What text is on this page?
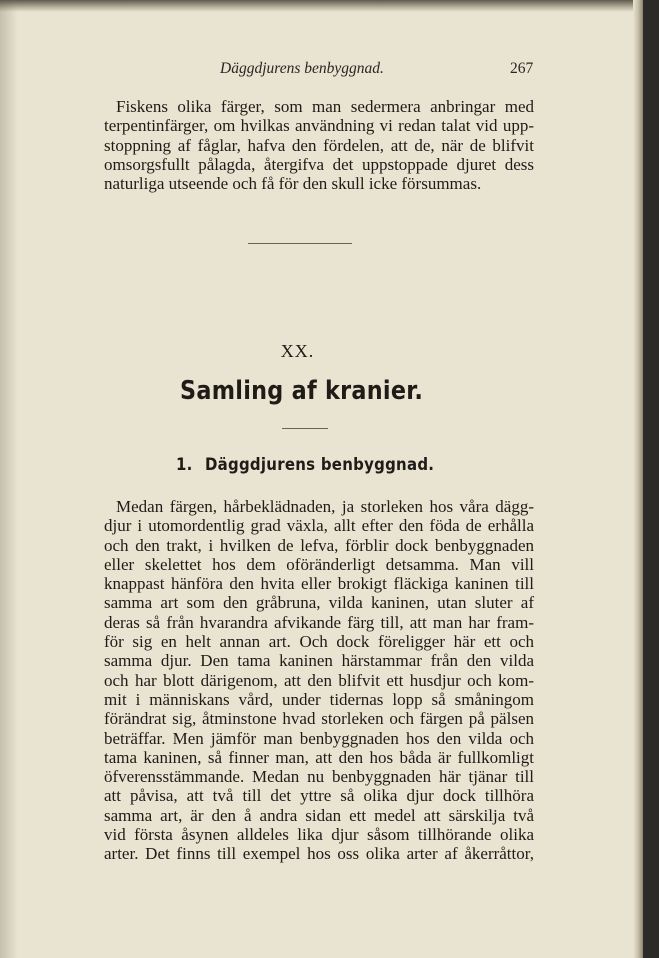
Däggdjurens benbyggnad.	267

Fiskens olika färger, som man sedermera anbringar med
terpentinfärger, om hvilkas användning vi redan talat vid upp-
stoppning af fåglar, hafva den fördelen, att de, när de blifvit
omsorgsfullt pålagda, återgifva det uppstoppade djuret dess
naturliga utseende och få för den skull icke försummas.

XX.
Samling af kranier.
1. Däggdjurens benbyggnad.

Medan färgen, hårbeklädnaden, ja storleken hos våra dägg-
djur i utomordentlig grad växla, allt efter den föda de erhålla
och den trakt, i hvilken de lefva, förblir dock benbyggnaden
eller skelettet hos dem oföränderligt detsamma. Man vill
knappast hänföra den hvita eller brokigt fläckiga kaninen till
samma art som den gråbruna, vilda kaninen, utan sluter af
deras så från hvarandra afvikande färg till, att man har fram-
för sig en helt annan art. Och dock föreligger här ett och
samma djur. Den tama kaninen härstammar från den vilda
och har blott därigenom, att den blifvit ett husdjur och kom-
mit i människans vård, under tidernas lopp så småningom
förändrat sig, åtminstone hvad storleken och färgen på pälsen
beträffar. Men jämför man benbyggnaden hos den vilda och
tama kaninen, så finner man, att den hos båda är fullkomligt
öfverensstämmande. Medan nu benbyggnaden här tjänar till
att påvisa, att två till det yttre så olika djur dock tillhöra
samma art, är den å andra sidan ett medel att särskilja två
vid första åsynen alldeles lika djur såsom tillhörande olika
arter. Det finns till exempel hos oss olika arter af åkerråttor,
